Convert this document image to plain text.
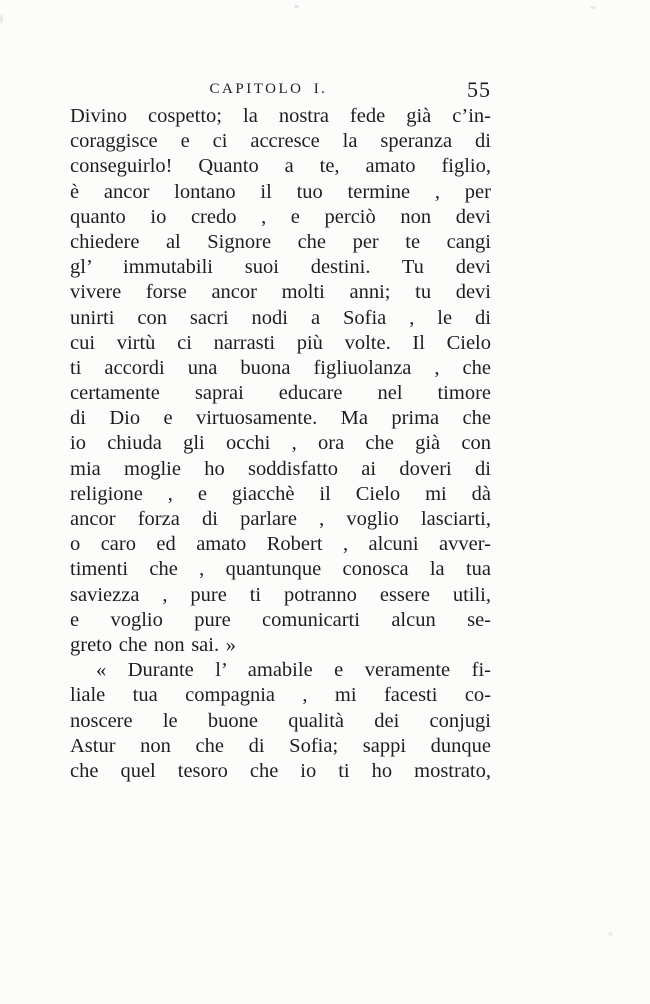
CAPITOLO I.	55
Divino cospetto; la nostra fede già c’in-
coraggisce e ci accresce la speranza di
conseguirlo! Quanto a te, amato figlio,
è ancor lontano il tuo termine , per
quanto io credo , e perciò non devi
chiedere al Signore che per te cangi
gl’ immutabili suoi destini. Tu devi
vivere forse ancor molti anni; tu devi
unirti con sacri nodi a Sofia , le di
cui virtù ci narrasti più volte. Il Cielo
ti accordi una buona figliuolanza , che
certamente saprai educare nel timore
di Dio e virtuosamente. Ma prima che
io chiuda gli occhi , ora che già con
mia moglie ho soddisfatto ai doveri di
religione , e giacchè il Cielo mi dà
ancor forza di parlare , voglio lasciarti,
o caro ed amato Robert , alcuni avver-
timenti che , quantunque conosca la tua
saviezza , pure ti potranno essere utili,
e voglio pure comunicarti alcun se-
greto che non sai. »
« Durante l’ amabile e veramente fi-
liale tua compagnia , mi facesti co-
noscere le buone qualità dei conjugi
Astur non che di Sofia; sappi dunque
che quel tesoro che io ti ho mostrato,
